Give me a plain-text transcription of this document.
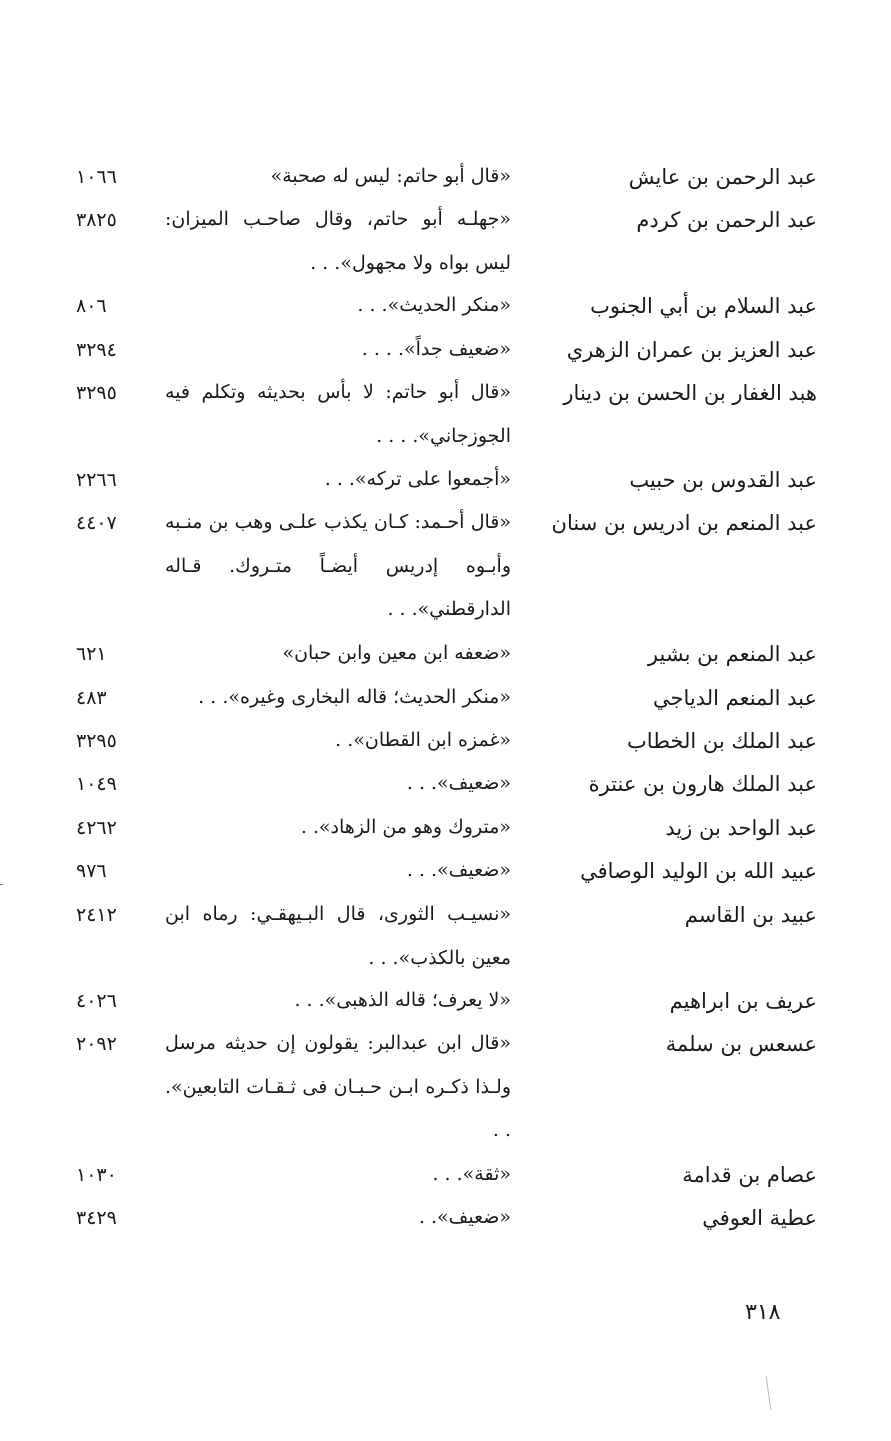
عبد الرحمن بن عايش
«قال أبو حاتم: ليس له صحبة»
١٠٦٦
عبد الرحمن بن كردم
«جهلـه أبو حاتم، وقال صاحـب الميزان: ليس بواه ولا مجهول». . .
٣٨٢٥
عبد السلام بن أبي الجنوب
«منكر الحديث». . .
٨٠٦
عبد العزيز بن عمران الزهري
«ضعيف جداً». . . .
٣٢٩٤
هبد الغفار بن الحسن بن دينار
«قال أبو حاتم: لا بأس بحديثه وتكلم فيه الجوزجاني». . . .
٣٢٩٥
عبد القدوس بن حبيب
«أجمعوا على تركه». . .
٢٢٦٦
عبد المنعم بن ادريس بن سنان
«قال أحـمد: كـان يكذب علـى وهب بن منـبه وأبـوه إدريس أيضـاً متـروك. قـاله الدارقطني». . .
٤٤٠٧
عبد المنعم بن بشير
«ضعفه ابن معين وابن حبان»
٦٢١
عبد المنعم الدياجي
«منكر الحديث؛ قاله البخارى وغيره». . .
٤٨٣
عبد الملك بن الخطاب
«غمزه ابن القطان». .
٣٢٩٥
عبد الملك هارون بن عنترة
«ضعيف». . .
١٠٤٩
عبد الواحد بن زيد
«متروك وهو من الزهاد». .
٤٢٦٢
عبيد الله بن الوليد الوصافي
«ضعيف». . .
٩٧٦
عبيد بن القاسم
«نسيـب الثورى، قال البـيهقـي: رماه ابن معين بالكذب». . .
٢٤١٢
عريف بن ابراهيم
«لا يعرف؛ قاله الذهبى». . .
٤٠٢٦
عسعس بن سلمة
«قال ابن عبدالبر: يقولون إن حديثه مرسل ولـذا ذكـره ابـن حـبـان فى ثـقـات التابعين». . .
٢٠٩٢
عصام بن قدامة
«ثقة». . .
١٠٣٠
عطية العوفي
«ضعيف». .
٣٤٢٩
٣١٨
